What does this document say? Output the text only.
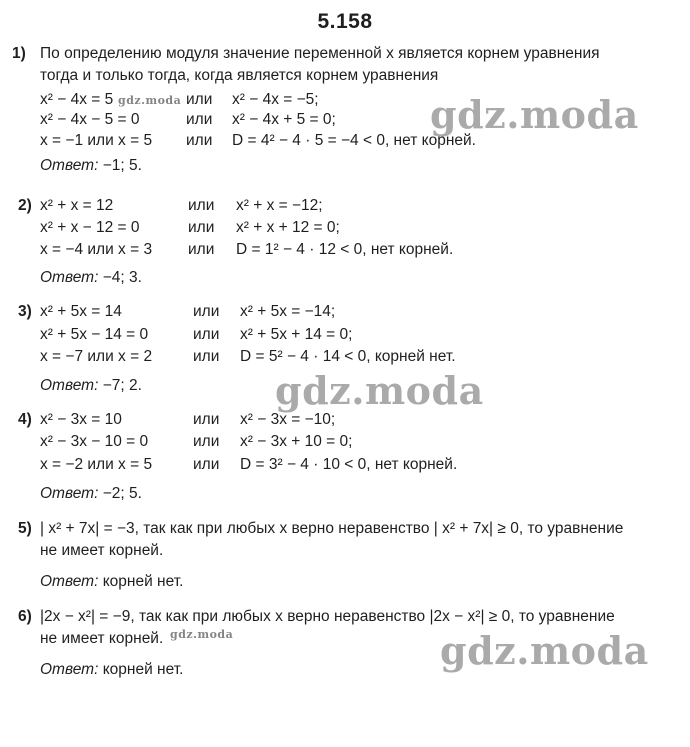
5.158
1) По определению модуля значение переменной x является корнем уравнения
тогда и только тогда, когда является корнем уравнения
x² − 4x = 5	или x² − 4x = −5;
x² − 4x − 5 = 0	или x² − 4x + 5 = 0;
x = −1 или x = 5 или D = 4² − 4 · 5 = −4 < 0, нет корней.
Ответ: −1; 5.
2) x² + x = 12	или x² + x = −12;
x² + x − 12 = 0	или x² + x + 12 = 0;
x = −4 или x = 3 или D = 1² − 4 · 12 < 0, нет корней.
Ответ: −4; 3.
3) x² + 5x = 14	или x² + 5x = −14;
x² + 5x − 14 = 0	или x² + 5x + 14 = 0;
x = −7 или x = 2	или D = 5² − 4 · 14 < 0, корней нет.
Ответ: −7; 2.
4) x² − 3x = 10	или x² − 3x = −10;
x² − 3x − 10 = 0	или x² − 3x + 10 = 0;
x = −2 или x = 5	или D = 3² − 4 · 10 < 0, нет корней.
Ответ: −2; 5.
5) | x² + 7x| = −3, так как при любых x верно неравенство | x² + 7x| ≥ 0, то уравнение
не имеет корней.
Ответ: корней нет.
6) |2x − x²| = −9, так как при любых x верно неравенство |2x − x²| ≥ 0, то уравнение
не имеет корней.
Ответ: корней нет.
gdz.moda
gdz.moda
gdz.moda
gdz.moda
gdz.moda
